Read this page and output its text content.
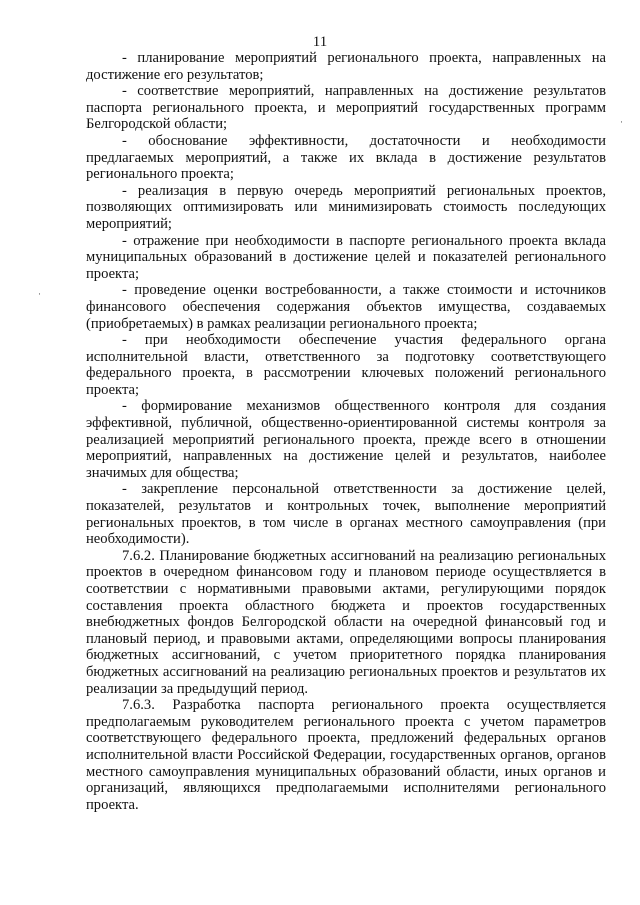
11

- планирование мероприятий регионального проекта, направленных на достижение его результатов;

- соответствие мероприятий, направленных на достижение результатов паспорта регионального проекта, и мероприятий государственных программ Белгородской области;

- обоснование эффективности, достаточности и необходимости предлагаемых мероприятий, а также их вклада в достижение результатов регионального проекта;

- реализация в первую очередь мероприятий региональных проектов, позволяющих оптимизировать или минимизировать стоимость последующих мероприятий;

- отражение при необходимости в паспорте регионального проекта вклада муниципальных образований в достижение целей и показателей регионального проекта;

- проведение оценки востребованности, а также стоимости и источников финансового обеспечения содержания объектов имущества, создаваемых (приобретаемых) в рамках реализации регионального проекта;

- при необходимости обеспечение участия федерального органа исполнительной власти, ответственного за подготовку соответствующего федерального проекта, в рассмотрении ключевых положений регионального проекта;

- формирование механизмов общественного контроля для создания эффективной, публичной, общественно-ориентированной системы контроля за реализацией мероприятий регионального проекта, прежде всего в отношении мероприятий, направленных на достижение целей и результатов, наиболее значимых для общества;

- закрепление персональной ответственности за достижение целей, показателей, результатов и контрольных точек, выполнение мероприятий региональных проектов, в том числе в органах местного самоуправления (при необходимости).

7.6.2. Планирование бюджетных ассигнований на реализацию региональных проектов в очередном финансовом году и плановом периоде осуществляется в соответствии с нормативными правовыми актами, регулирующими порядок составления проекта областного бюджета и проектов государственных внебюджетных фондов Белгородской области на очередной финансовый год и плановый период, и правовыми актами, определяющими вопросы планирования бюджетных ассигнований, с учетом приоритетного порядка планирования бюджетных ассигнований на реализацию региональных проектов и результатов их реализации за предыдущий период.

7.6.3. Разработка паспорта регионального проекта осуществляется предполагаемым руководителем регионального проекта с учетом параметров соответствующего федерального проекта, предложений федеральных органов исполнительной власти Российской Федерации, государственных органов, органов местного самоуправления муниципальных образований области, иных органов и организаций, являющихся предполагаемыми исполнителями регионального проекта.

·
·
